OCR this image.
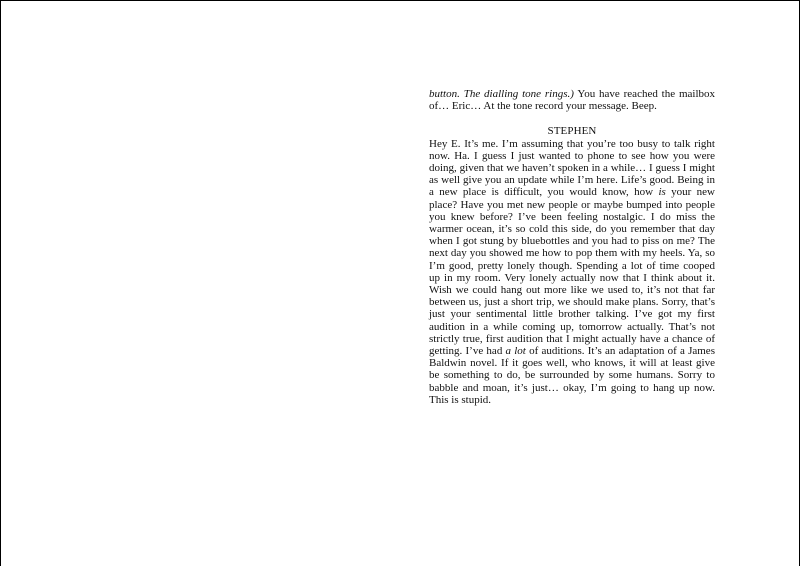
button. The dialling tone rings.) You have reached the mailbox of… Eric… At the tone record your message. Beep.

STEPHEN

Hey E. It’s me. I’m assuming that you’re too busy to talk right now. Ha. I guess I just wanted to phone to see how you were doing, given that we haven’t spoken in a while… I guess I might as well give you an update while I’m here. Life’s good. Being in a new place is difficult, you would know, how is your new place? Have you met new people or maybe bumped into people you knew before? I’ve been feeling nostalgic. I do miss the warmer ocean, it’s so cold this side, do you remember that day when I got stung by bluebottles and you had to piss on me? The next day you showed me how to pop them with my heels. Ya, so I’m good, pretty lonely though. Spending a lot of time cooped up in my room. Very lonely actually now that I think about it. Wish we could hang out more like we used to, it’s not that far between us, just a short trip, we should make plans. Sorry, that’s just your sentimental little brother talking. I’ve got my first audition in a while coming up, tomorrow actually. That’s not strictly true, first audition that I might actually have a chance of getting. I’ve had a lot of auditions. It’s an adaptation of a James Baldwin novel. If it goes well, who knows, it will at least give be something to do, be surrounded by some humans. Sorry to babble and moan, it’s just… okay, I’m going to hang up now. This is stupid.
